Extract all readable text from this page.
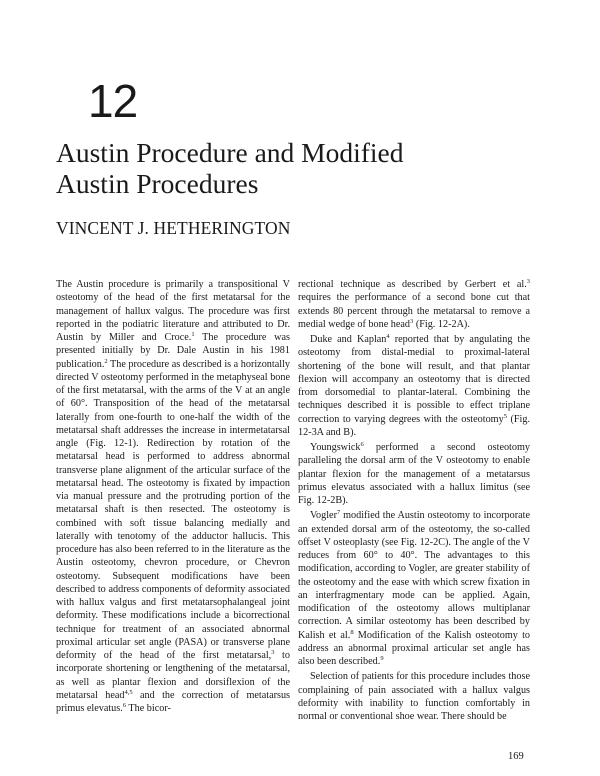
12
Austin Procedure and Modified
Austin Procedures
VINCENT J. HETHERINGTON

The Austin procedure is primarily a transpositional V osteotomy of the head of the first metatarsal for the management of hallux valgus. The procedure was first reported in the podiatric literature and attributed to Dr. Austin by Miller and Croce.$^1$ The procedure was presented initially by Dr. Dale Austin in his 1981 publication.$^2$ The procedure as described is a horizontally directed V osteotomy performed in the metaphyseal bone of the first metatarsal, with the arms of the V at an angle of 60°. Transposition of the head of the metatarsal laterally from one-fourth to one-half the width of the metatarsal shaft addresses the increase in intermetatarsal angle (Fig. 12-1). Redirection by rotation of the metatarsal head is performed to address abnormal transverse plane alignment of the articular surface of the metatarsal head. The osteotomy is fixated by impaction via manual pressure and the protruding portion of the metatarsal shaft is then resected. The osteotomy is combined with soft tissue balancing medially and laterally with tenotomy of the adductor hallucis. This procedure has also been referred to in the literature as the Austin osteotomy, chevron procedure, or Chevron osteotomy. Subsequent modifications have been described to address components of deformity associated with hallux valgus and first metatarsophalangeal joint deformity. These modifications include a bicorrectional technique for treatment of an associated abnormal proximal articular set angle (PASA) or transverse plane deformity of the head of the first metatarsal,$^3$ to incorporate shortening or lengthening of the metatarsal, as well as plantar flexion and dorsiflexion of the metatarsal head$^{4,5}$ and the correction of metatarsus primus elevatus.$^6$ The bicor-

rectional technique as described by Gerbert et al.$^3$ requires the performance of a second bone cut that extends 80 percent through the metatarsal to remove a medial wedge of bone head$^3$ (Fig. 12-2A).

Duke and Kaplan$^4$ reported that by angulating the osteotomy from distal-medial to proximal-lateral shortening of the bone will result, and that plantar flexion will accompany an osteotomy that is directed from dorsomedial to plantar-lateral. Combining the techniques described it is possible to effect triplane correction to varying degrees with the osteotomy$^5$ (Fig. 12-3A and B).

Youngswick$^6$ performed a second osteotomy paralleling the dorsal arm of the V osteotomy to enable plantar flexion for the management of a metatarsus primus elevatus associated with a hallux limitus (see Fig. 12-2B).

Vogler$^7$ modified the Austin osteotomy to incorporate an extended dorsal arm of the osteotomy, the so-called offset V osteoplasty (see Fig. 12-2C). The angle of the V reduces from 60° to 40°. The advantages to this modification, according to Vogler, are greater stability of the osteotomy and the ease with which screw fixation in an interfragmentary mode can be applied. Again, modification of the osteotomy allows multiplanar correction. A similar osteotomy has been described by Kalish et al.$^8$ Modification of the Kalish osteotomy to address an abnormal proximal articular set angle has also been described.$^9$

Selection of patients for this procedure includes those complaining of pain associated with a hallux valgus deformity with inability to function comfortably in normal or conventional shoe wear. There should be

169
